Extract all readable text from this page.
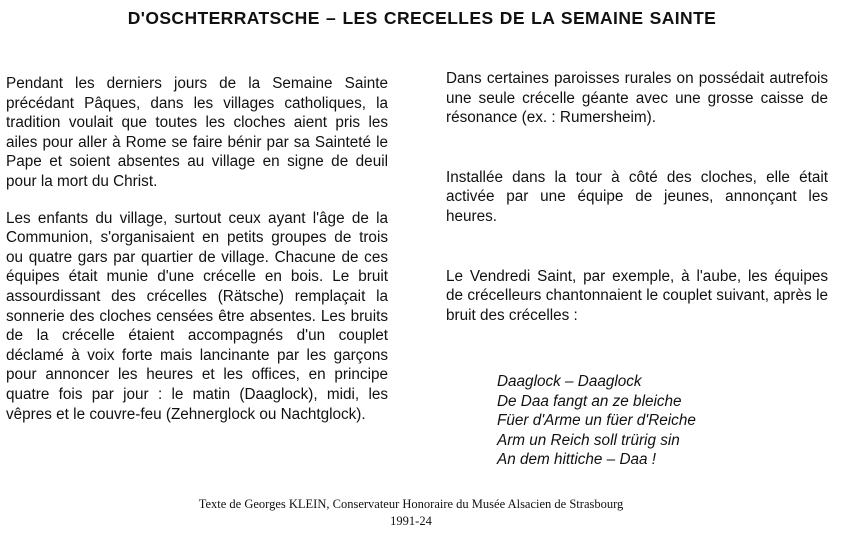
D'OSCHTERRATSCHE – LES CRECELLES DE LA SEMAINE SAINTE

Pendant les derniers jours de la Semaine Sainte précédant Pâques, dans les villages catholiques, la tradition voulait que toutes les cloches aient pris les ailes pour aller à Rome se faire bénir par sa Sainteté le Pape et soient absentes au village en signe de deuil pour la mort du Christ.

Les enfants du village, surtout ceux ayant l'âge de la Communion, s'organisaient en petits groupes de trois ou quatre gars par quartier de village. Chacune de ces équipes était munie d'une crécelle en bois. Le bruit assourdissant des crécelles (Rätsche) remplaçait la sonnerie des cloches censées être absentes. Les bruits de la crécelle étaient accompagnés d'un couplet déclamé à voix forte mais lancinante par les garçons pour annoncer les heures et les offices, en principe quatre fois par jour : le matin (Daaglock), midi, les vêpres et le couvre-feu (Zehnerglock ou Nachtglock).

Dans certaines paroisses rurales on possédait autrefois une seule crécelle géante avec une grosse caisse de résonance (ex. : Rumersheim).

Installée dans la tour à côté des cloches, elle était activée par une équipe de jeunes, annonçant les heures.

Le Vendredi Saint, par exemple, à l'aube, les équipes de crécelleurs chantonnaient le couplet suivant, après le bruit des crécelles :

Daaglock – Daaglock
De Daa fangt an ze bleiche
Füer d'Arme un füer d'Reiche
Arm un Reich soll trürig sin
An dem hittiche – Daa !
Texte de Georges KLEIN, Conservateur Honoraire du Musée Alsacien de Strasbourg
1991-24
